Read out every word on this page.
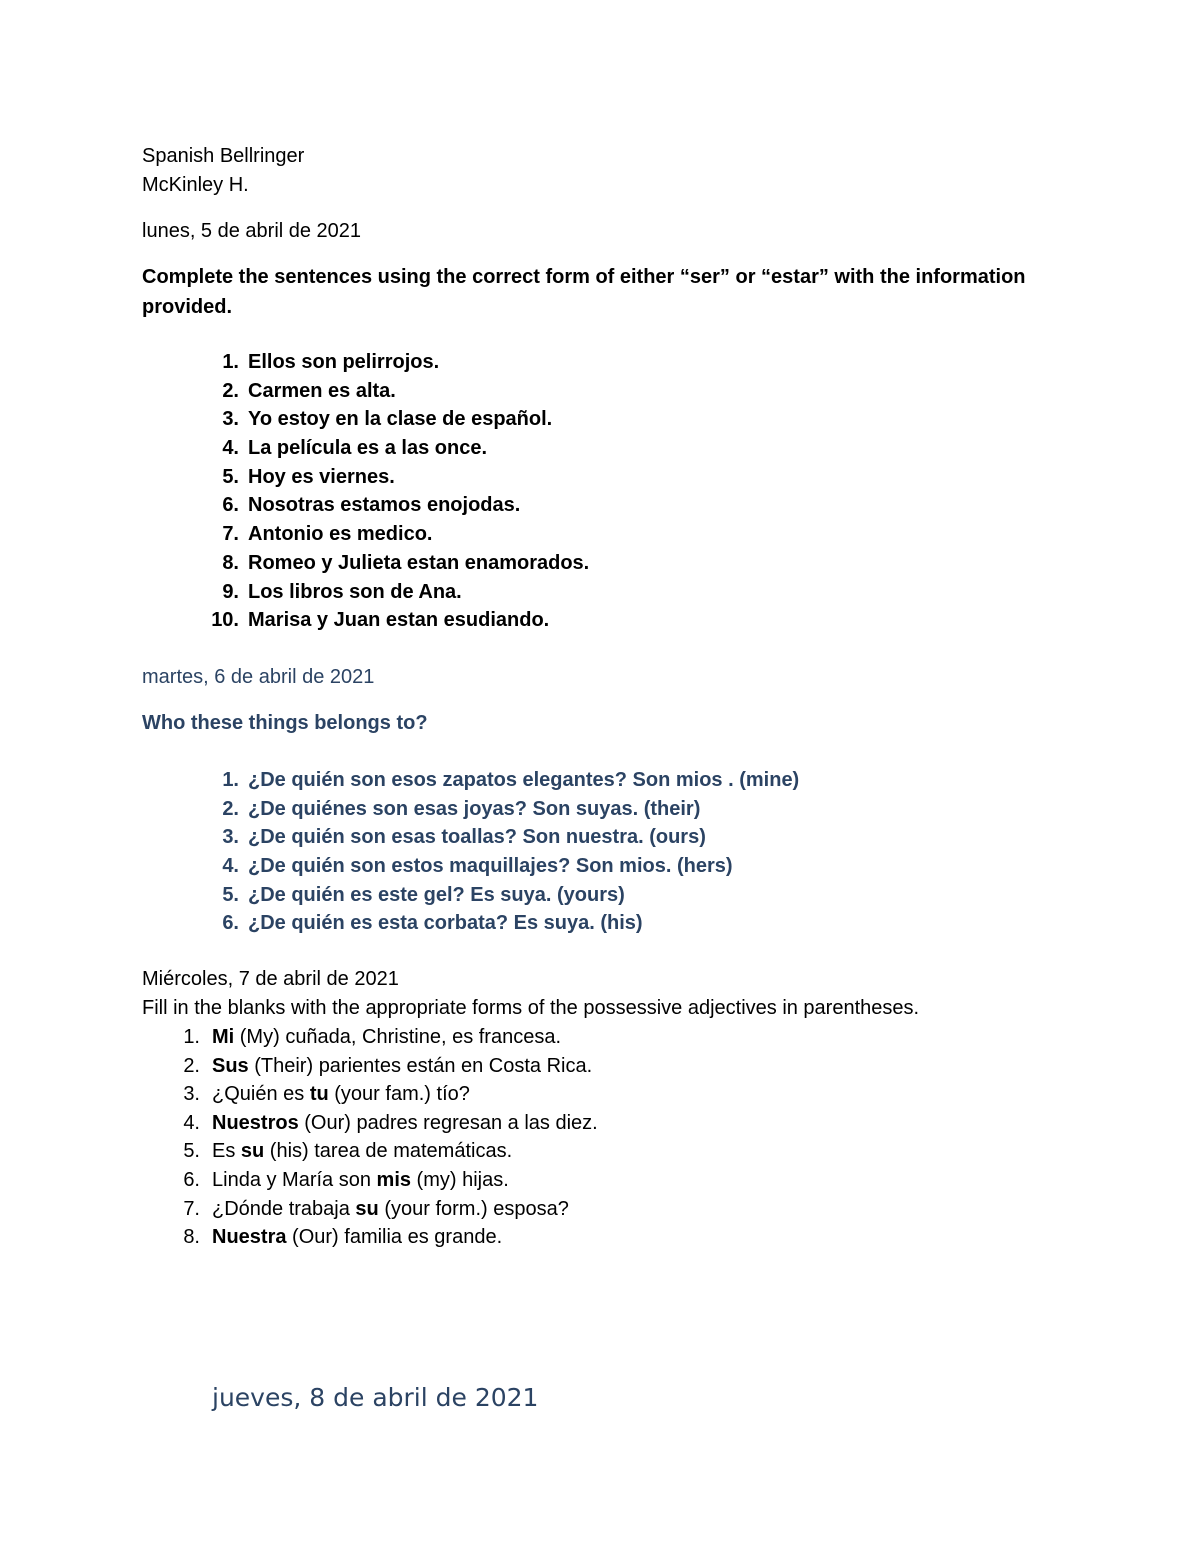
Spanish Bellringer
McKinley H.
lunes, 5 de abril de 2021
Complete the sentences using the correct form of either “ser” or “estar” with the information
provided.
1. Ellos son pelirrojos.
2. Carmen es alta.
3. Yo estoy en la clase de español.
4. La película es a las once.
5. Hoy es viernes.
6. Nosotras estamos enojodas.
7. Antonio es medico.
8. Romeo y Julieta estan enamorados.
9. Los libros son de Ana.
10. Marisa y Juan estan esudiando.
martes, 6 de abril de 2021
Who these things belongs to?
1. ¿De quién son esos zapatos elegantes? Son mios . (mine)
2. ¿De quiénes son esas joyas? Son suyas. (their)
3. ¿De quién son esas toallas? Son nuestra. (ours)
4. ¿De quién son estos maquillajes? Son mios. (hers)
5. ¿De quién es este gel? Es suya. (yours)
6. ¿De quién es esta corbata? Es suya. (his)
Miércoles, 7 de abril de 2021
Fill in the blanks with the appropriate forms of the possessive adjectives in parentheses.
1. Mi (My) cuñada, Christine, es francesa.
2. Sus (Their) parientes están en Costa Rica.
3. ¿Quién es tu (your fam.) tío?
4. Nuestros (Our) padres regresan a las diez.
5. Es su (his) tarea de matemáticas.
6. Linda y María son mis (my) hijas.
7. ¿Dónde trabaja su (your form.) esposa?
8. Nuestra (Our) familia es grande.
jueves, 8 de abril de 2021
